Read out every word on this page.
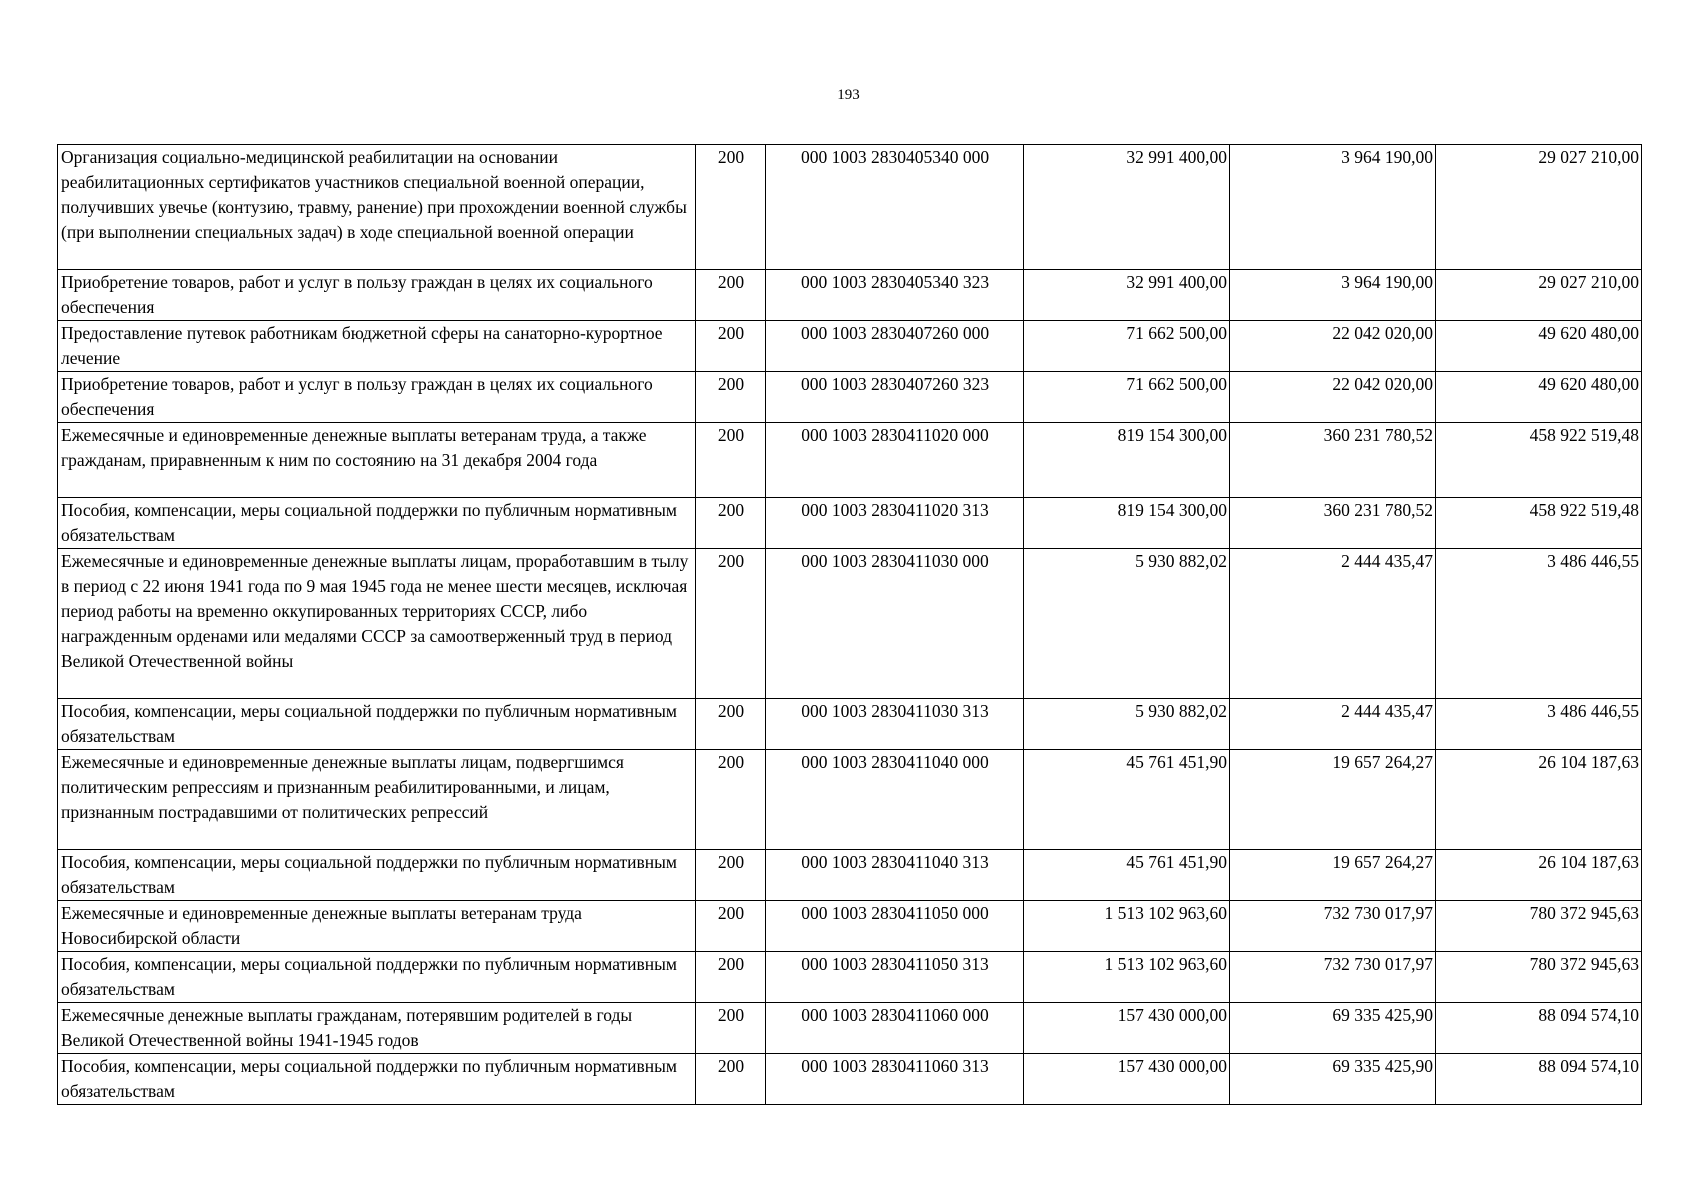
193
Организация социально-медицинской реабилитации на основании реабилитационных сертификатов участников специальной военной операции, получивших увечье (контузию, травму, ранение) при прохождении военной службы (при выполнении специальных задач) в ходе специальной военной операции	200	000 1003 2830405340 000	32 991 400,00	3 964 190,00	29 027 210,00
Приобретение товаров, работ и услуг в пользу граждан в целях их социального обеспечения	200	000 1003 2830405340 323	32 991 400,00	3 964 190,00	29 027 210,00
Предоставление путевок работникам бюджетной сферы на санаторно-курортное лечение	200	000 1003 2830407260 000	71 662 500,00	22 042 020,00	49 620 480,00
Приобретение товаров, работ и услуг в пользу граждан в целях их социального обеспечения	200	000 1003 2830407260 323	71 662 500,00	22 042 020,00	49 620 480,00
Ежемесячные и единовременные денежные выплаты ветеранам труда, а также гражданам, приравненным к ним по состоянию на 31 декабря 2004 года	200	000 1003 2830411020 000	819 154 300,00	360 231 780,52	458 922 519,48
Пособия, компенсации, меры социальной поддержки по публичным нормативным обязательствам	200	000 1003 2830411020 313	819 154 300,00	360 231 780,52	458 922 519,48
Ежемесячные и единовременные денежные выплаты лицам, проработавшим в тылу в период с 22 июня 1941 года по 9 мая 1945 года не менее шести месяцев, исключая период работы на временно оккупированных территориях СССР, либо награжденным орденами или медалями СССР за самоотверженный труд в период Великой Отечественной войны	200	000 1003 2830411030 000	5 930 882,02	2 444 435,47	3 486 446,55
Пособия, компенсации, меры социальной поддержки по публичным нормативным обязательствам	200	000 1003 2830411030 313	5 930 882,02	2 444 435,47	3 486 446,55
Ежемесячные и единовременные денежные выплаты лицам, подвергшимся политическим репрессиям и признанным реабилитированными, и лицам, признанным пострадавшими от политических репрессий	200	000 1003 2830411040 000	45 761 451,90	19 657 264,27	26 104 187,63
Пособия, компенсации, меры социальной поддержки по публичным нормативным обязательствам	200	000 1003 2830411040 313	45 761 451,90	19 657 264,27	26 104 187,63
Ежемесячные и единовременные денежные выплаты ветеранам труда Новосибирской области	200	000 1003 2830411050 000	1 513 102 963,60	732 730 017,97	780 372 945,63
Пособия, компенсации, меры социальной поддержки по публичным нормативным обязательствам	200	000 1003 2830411050 313	1 513 102 963,60	732 730 017,97	780 372 945,63
Ежемесячные денежные выплаты гражданам, потерявшим родителей в годы Великой Отечественной войны 1941-1945 годов	200	000 1003 2830411060 000	157 430 000,00	69 335 425,90	88 094 574,10
Пособия, компенсации, меры социальной поддержки по публичным нормативным обязательствам	200	000 1003 2830411060 313	157 430 000,00	69 335 425,90	88 094 574,10
